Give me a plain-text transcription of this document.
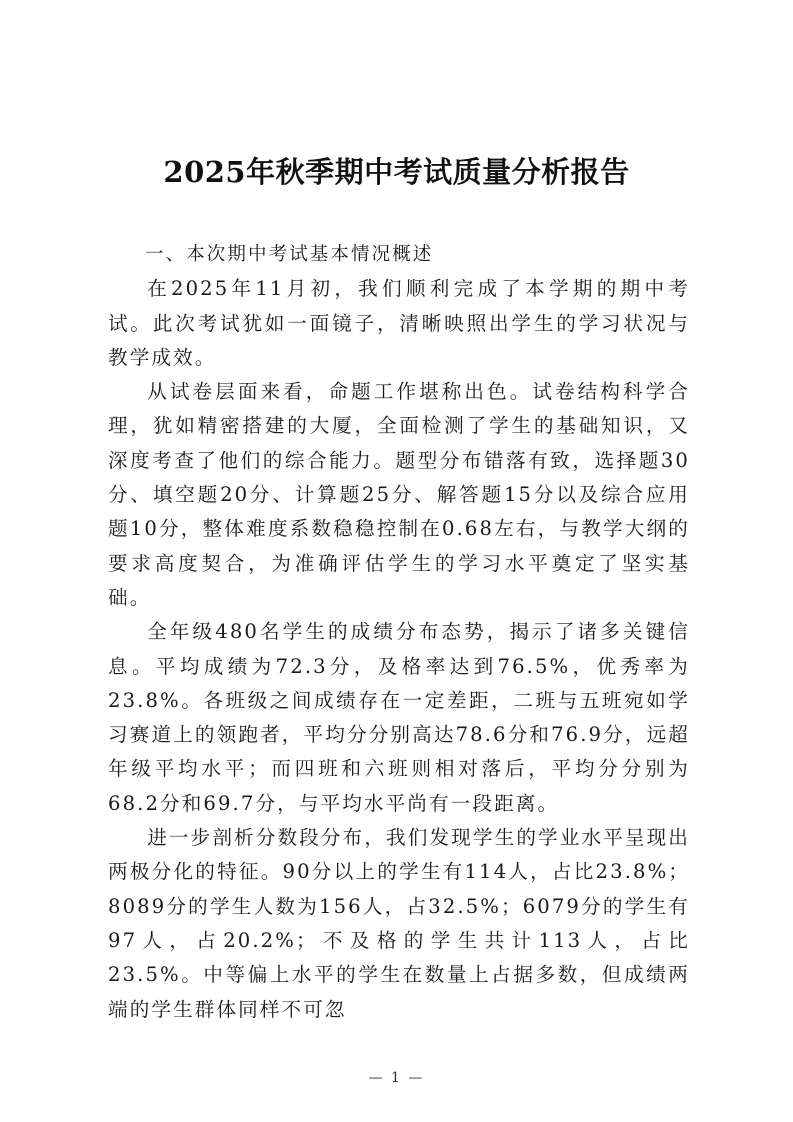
2025年秋季期中考试质量分析报告

一、本次期中考试基本情况概述

在2025年11月初，我们顺利完成了本学期的期中考试。此次考试犹如一面镜子，清晰映照出学生的学习状况与教学成效。

从试卷层面来看，命题工作堪称出色。试卷结构科学合理，犹如精密搭建的大厦，全面检测了学生的基础知识，又深度考查了他们的综合能力。题型分布错落有致，选择题30分、填空题20分、计算题25分、解答题15分以及综合应用题10分，整体难度系数稳稳控制在0.68左右，与教学大纲的要求高度契合，为准确评估学生的学习水平奠定了坚实基础。

全年级480名学生的成绩分布态势，揭示了诸多关键信息。平均成绩为72.3分，及格率达到76.5%，优秀率为23.8%。各班级之间成绩存在一定差距，二班与五班宛如学习赛道上的领跑者，平均分分别高达78.6分和76.9分，远超年级平均水平；而四班和六班则相对落后，平均分分别为68.2分和69.7分，与平均水平尚有一段距离。

进一步剖析分数段分布，我们发现学生的学业水平呈现出两极分化的特征。90分以上的学生有114人，占比23.8%；8089分的学生人数为156人，占32.5%；6079分的学生有97人，占20.2%；不及格的学生共计113人，占比23.5%。中等偏上水平的学生在数量上占据多数，但成绩两端的学生群体同样不可忽

— 1 —
